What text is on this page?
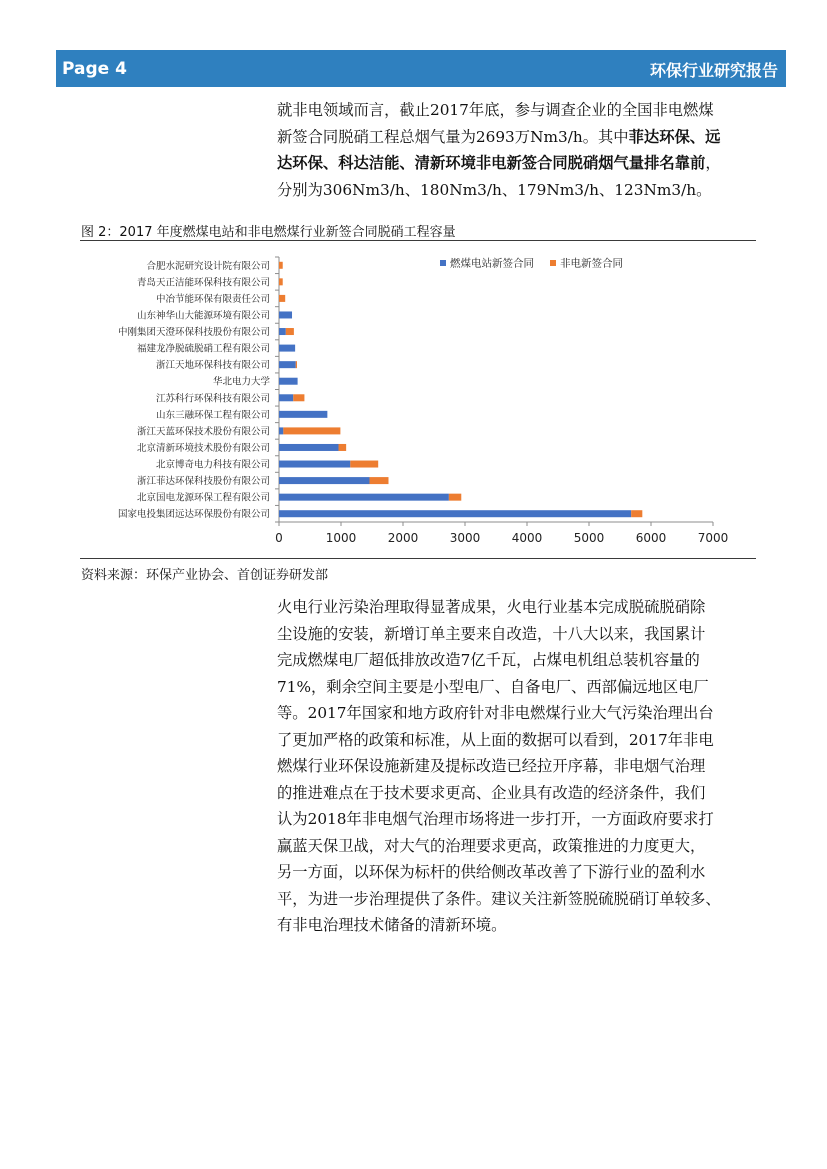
Page 4	环保行业研究报告

就非电领域而言，截止2017年底，参与调查企业的全国非电燃煤

新签合同脱硝工程总烟气量为2693万Nm3/h。其中菲达环保、远

达环保、科达洁能、清新环境非电新签合同脱硝烟气量排名靠前，

分别为306Nm3/h、180Nm3/h、179Nm3/h、123Nm3/h。

图 2：2017 年度燃煤电站和非电燃煤行业新签合同脱硝工程容量
0	1000	2000	3000	4000	5000	6000	7000
合肥水泥研究设计院有限公司
青岛天正洁能环保科技有限公司
中冶节能环保有限责任公司
山东神华山大能源环境有限公司
中刚集团天澄环保科技股份有限公司
福建龙净脱硫脱硝工程有限公司
浙江天地环保科技有限公司
华北电力大学
江苏科行环保科技有限公司
山东三融环保工程有限公司
浙江天蓝环保技术股份有限公司
北京清新环境技术股份有限公司
北京博奇电力科技有限公司
浙江菲达环保科技股份有限公司
北京国电龙源环保工程有限公司
国家电投集团远达环保股份有限公司
燃煤电站新签合同 非电新签合同
资料来源：环保产业协会、首创证券研发部

火电行业污染治理取得显著成果，火电行业基本完成脱硫脱硝除

尘设施的安装，新增订单主要来自改造，十八大以来，我国累计

完成燃煤电厂超低排放改造7亿千瓦，占煤电机组总装机容量的

71%，剩余空间主要是小型电厂、自备电厂、西部偏远地区电厂

等。2017年国家和地方政府针对非电燃煤行业大气污染治理出台

了更加严格的政策和标准，从上面的数据可以看到，2017年非电

燃煤行业环保设施新建及提标改造已经拉开序幕，非电烟气治理

的推进难点在于技术要求更高、企业具有改造的经济条件，我们

认为2018年非电烟气治理市场将进一步打开，一方面政府要求打

赢蓝天保卫战，对大气的治理要求更高，政策推进的力度更大，

另一方面，以环保为标杆的供给侧改革改善了下游行业的盈利水

平，为进一步治理提供了条件。建议关注新签脱硫脱硝订单较多、

有非电治理技术储备的清新环境。
